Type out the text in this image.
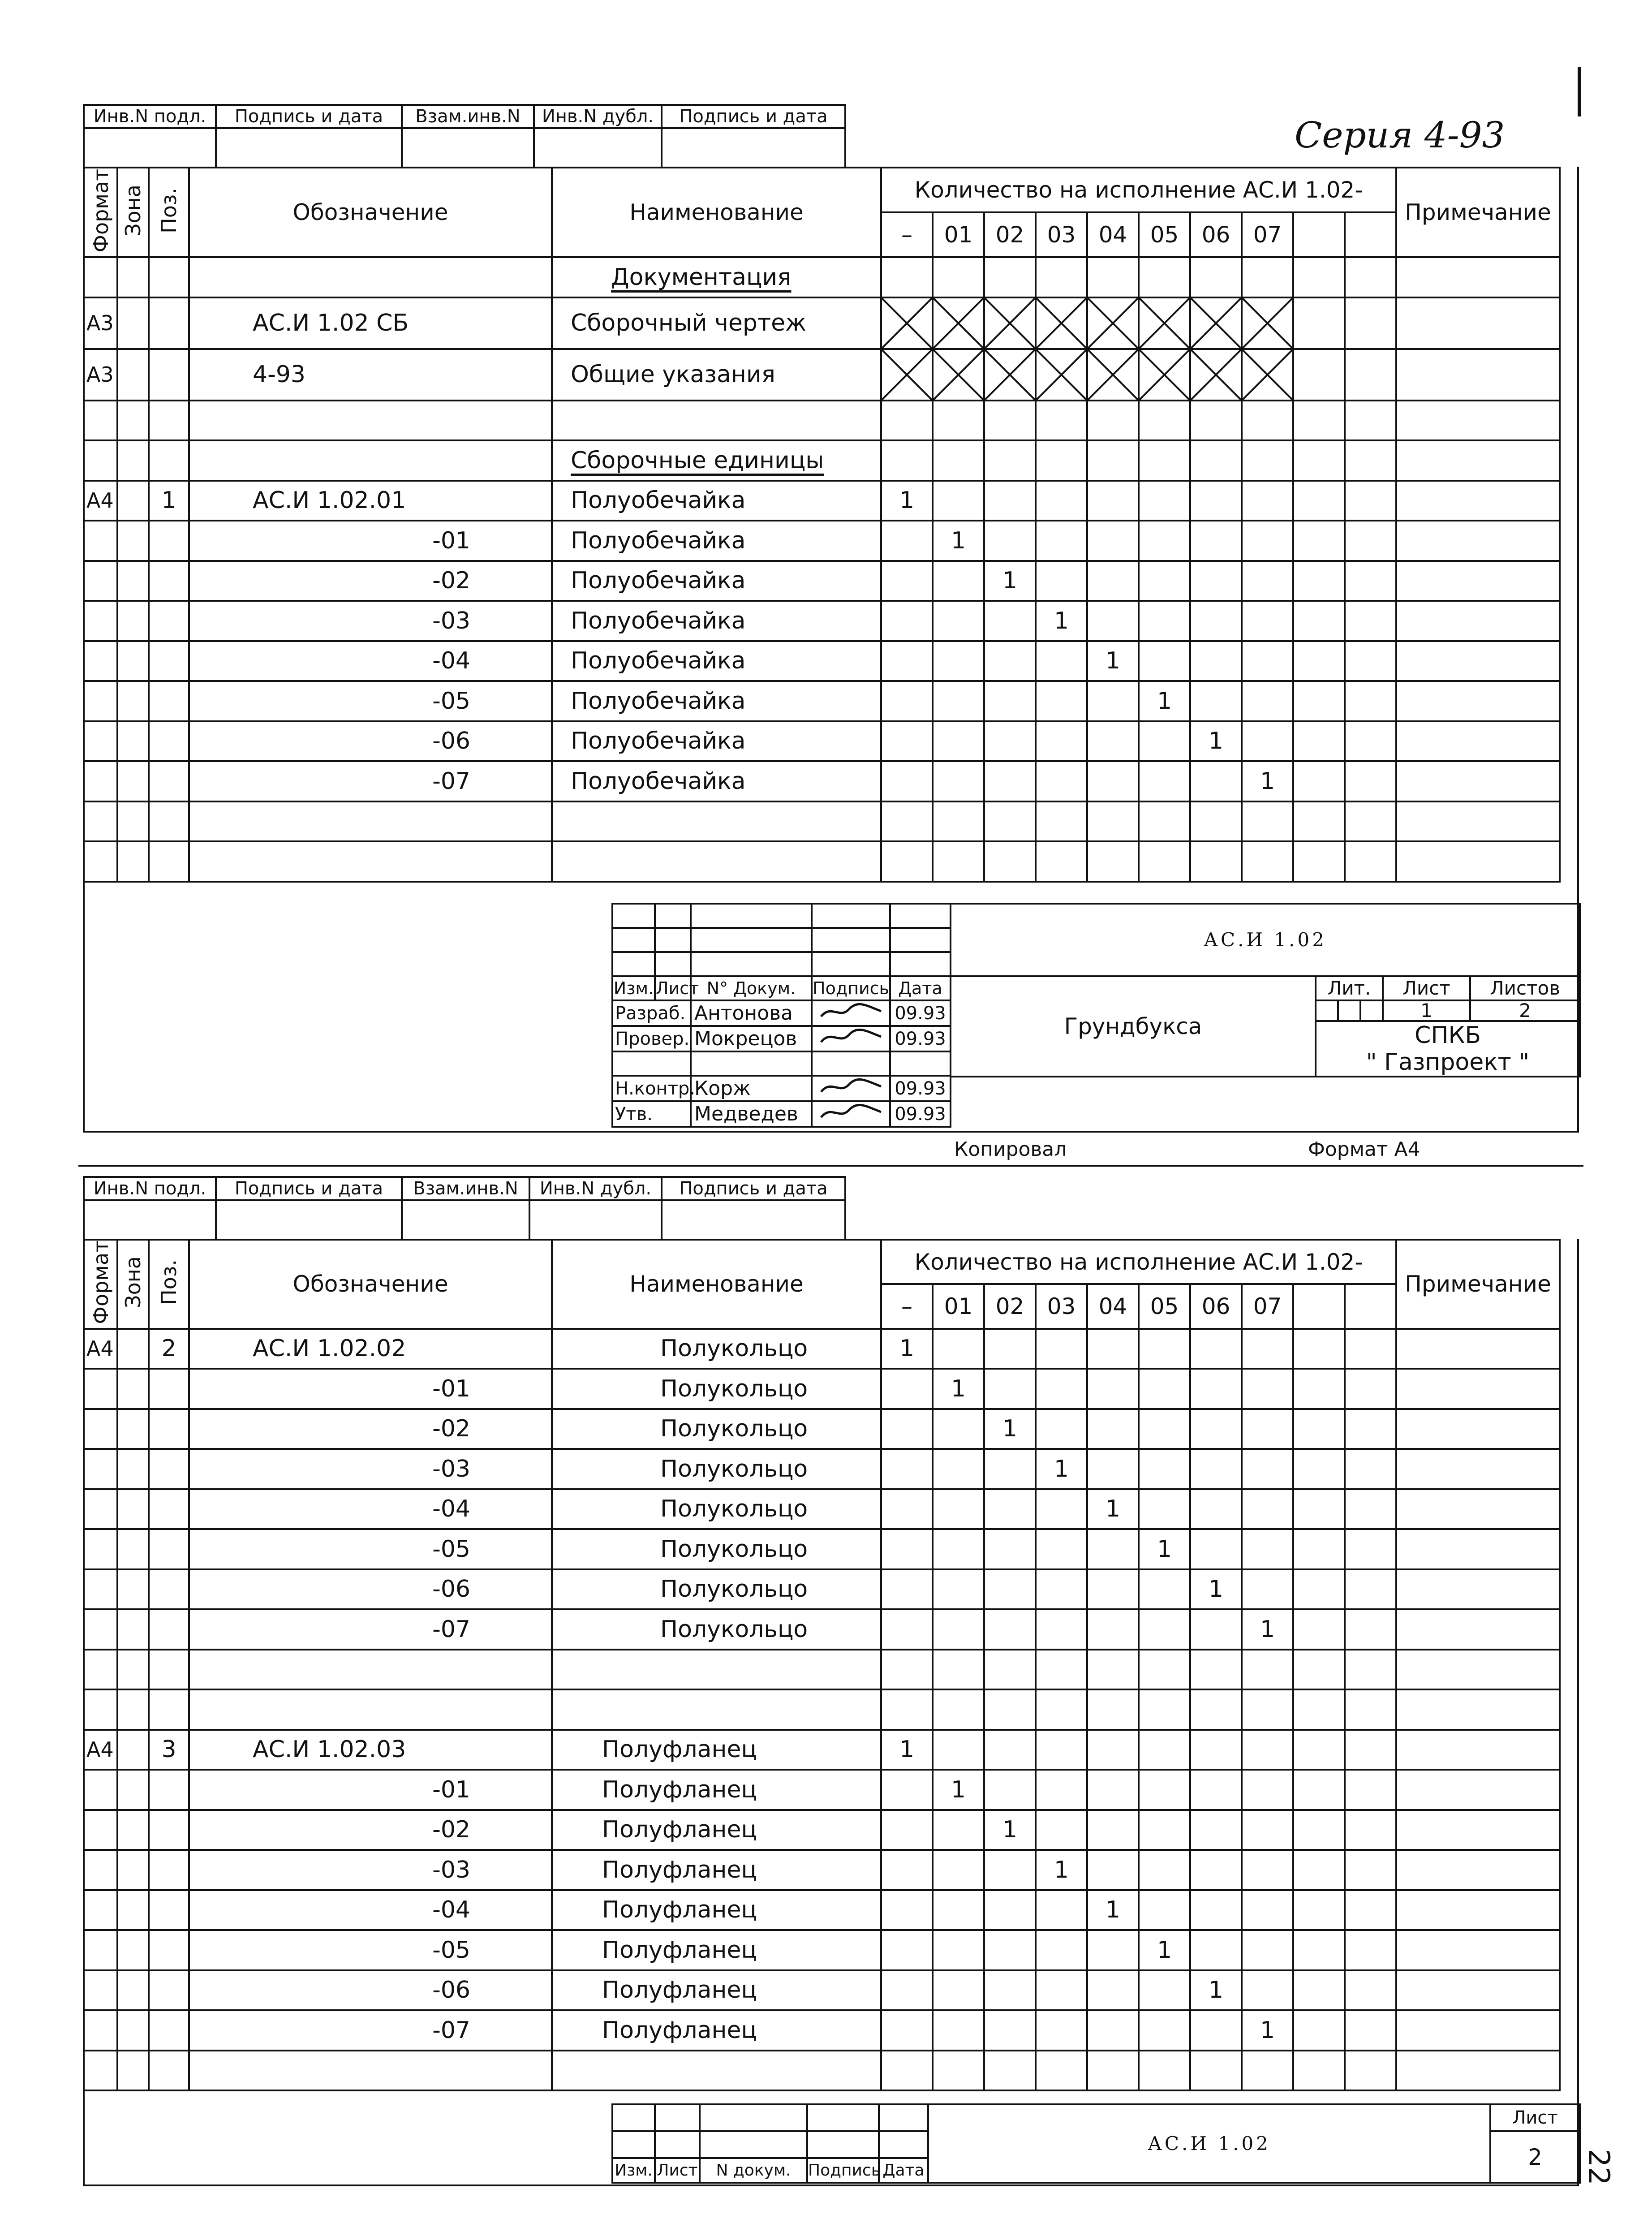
Серия 4-93
Инв.N подл.	Подпись и дата	Взам.инв.N	Инв.N дубл.	Подпись и дата

Формат	Зона	Поз.	Обозначение	Наименование	Количество на исполнение АС.И 1.02-										Примечание
					–	01	02	03	04	05	06	07			
				Документация											
А3			АС.И 1.02 СБ	Сборочный чертеж	

А3			4-93	Общие указания	

				Сборочные единицы											
А4		1	АС.И 1.02.01	Полуобечайка	1										
			-01	Полуобечайка		1									
			-02	Полуобечайка			1								
			-03	Полуобечайка				1							
			-04	Полуобечайка					1						
			-05	Полуобечайка						1					
			-06	Полуобечайка							1				
			-07	Полуобечайка								1			

Изм.	Лист	N° Докум.	Подпись	Дата
Разраб.		Антонова		09.93
Провер.		Мокрецов		09.93

Н.контр.		Корж		09.93
Утв.		Медведев		09.93
АС.И 1.02					
Грундбукса	Лит.			Лист	Листов
				1	2
	СПКБ				
	" Газпроект "				
Копировал	Формат А4
Инв.N подл.	Подпись и дата	Взам.инв.N	Инв.N дубл.	Подпись и дата

Формат	Зона	Поз.	Обозначение	Наименование	Количество на исполнение АС.И 1.02-										Примечание
					–	01	02	03	04	05	06	07			
А4		2	АС.И 1.02.02	Полукольцо	1										
			-01	Полукольцо		1									
			-02	Полукольцо			1								
			-03	Полукольцо				1							
			-04	Полукольцо					1						
			-05	Полукольцо						1					
			-06	Полукольцо							1				
			-07	Полукольцо								1			

А4		3	АС.И 1.02.03	Полуфланец	1										
			-01	Полуфланец		1									
			-02	Полуфланец			1								
			-03	Полуфланец				1							
			-04	Полуфланец					1						
			-05	Полуфланец						1					
			-06	Полуфланец							1				
			-07	Полуфланец								1			

					АС.И 1.02	Лист
						2
Изм.	Лист	N докум.	Подпись	Дата			22
